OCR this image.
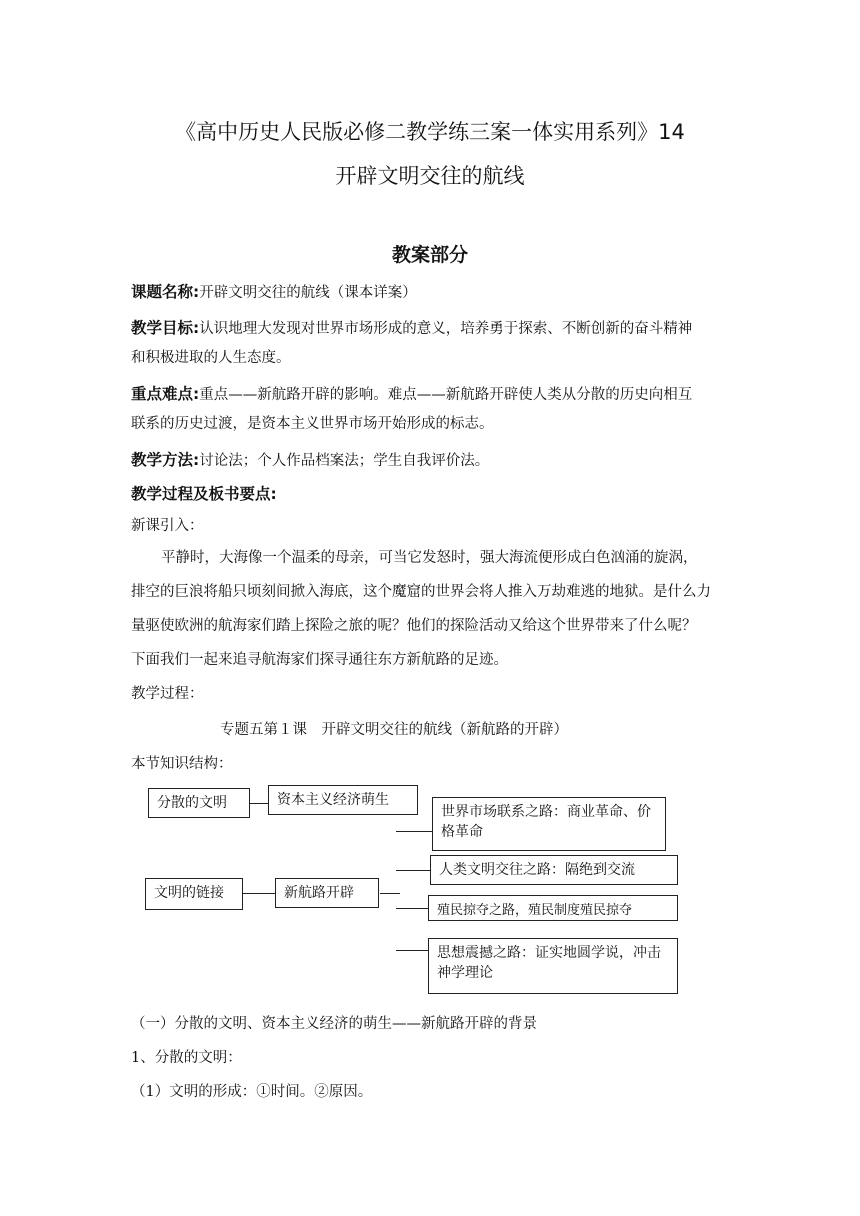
《高中历史人民版必修二教学练三案一体实用系列》14
开辟文明交往的航线
教案部分
课题名称:开辟文明交往的航线（课本详案）
教学目标:认识地理大发现对世界市场形成的意义，培养勇于探索、不断创新的奋斗精神
和积极进取的人生态度。
重点难点:重点——新航路开辟的影响。难点——新航路开辟使人类从分散的历史向相互
联系的历史过渡，是资本主义世界市场开始形成的标志。
教学方法:讨论法；个人作品档案法；学生自我评价法。
教学过程及板书要点:
新课引入：
平静时，大海像一个温柔的母亲，可当它发怒时，强大海流便形成白色汹涌的旋涡，
排空的巨浪将船只顷刻间掀入海底，这个魔窟的世界会将人推入万劫难逃的地狱。是什么力
量驱使欧洲的航海家们踏上探险之旅的呢？他们的探险活动又给这个世界带来了什么呢？
下面我们一起来追寻航海家们探寻通往东方新航路的足迹。
教学过程：
专题五第１课　开辟文明交往的航线（新航路的开辟）
本节知识结构：
分散的文明	资本主义经济萌生
文明的链接	新航路开辟
世界市场联系之路：商业革命、价格革命
人类文明交往之路：隔绝到交流
殖民掠夺之路，殖民制度殖民掠夺
思想震撼之路：证实地圆学说，冲击神学理论
（一）分散的文明、资本主义经济的萌生——新航路开辟的背景
1、分散的文明：
（1）文明的形成：①时间。②原因。
